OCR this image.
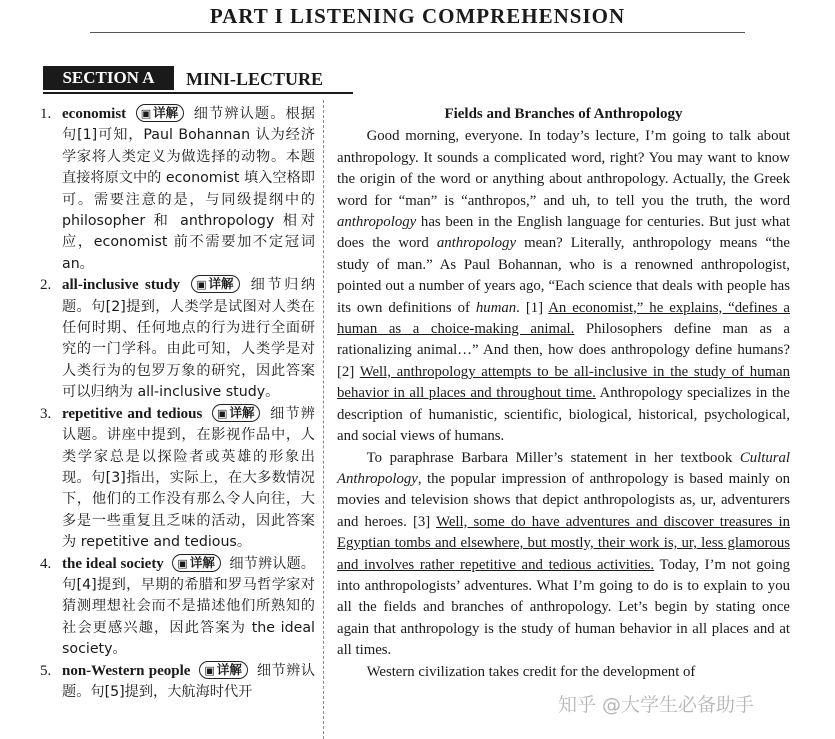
PART I LISTENING COMPREHENSION
SECTION A	MINI-LECTURE
1. economist ▣ 详解 细节辨认题。根据句[1]可知，Paul Bohannan 认为经济学家将人类定义为做选择的动物。本题直接将原文中的 economist 填入空格即可。需要注意的是，与同级提纲中的 philosopher 和 anthropology 相对应，economist 前不需要加不定冠词 an。
2. all-inclusive study ▣ 详解 细节归纳题。句[2]提到，人类学是试图对人类在任何时期、任何地点的行为进行全面研究的一门学科。由此可知，人类学是对人类行为的包罗万象的研究，因此答案可以归纳为 all-inclusive study。
3. repetitive and tedious ▣ 详解 细节辨认题。讲座中提到，在影视作品中，人类学家总是以探险者或英雄的形象出现。句[3]指出，实际上，在大多数情况下，他们的工作没有那么令人向往，大多是一些重复且乏味的活动，因此答案为 repetitive and tedious。
4. the ideal society ▣ 详解 细节辨认题。句[4]提到，早期的希腊和罗马哲学家对猜测理想社会而不是描述他们所熟知的社会更感兴趣，因此答案为 the ideal society。
5. non-Western people ▣ 详解 细节辨认题。句[5]提到，大航海时代开
Fields and Branches of Anthropology

Good morning, everyone. In today’s lecture, I’m going to talk about anthropology. It sounds a complicated word, right? You may want to know the origin of the word or anything about anthropology. Actually, the Greek word for “man” is “anthropos,” and uh, to tell you the truth, the word anthropology has been in the English language for centuries. But just what does the word anthropology mean? Literally, anthropology means “the study of man.” As Paul Bohannan, who is a renowned anthropologist, pointed out a number of years ago, “Each science that deals with people has its own definitions of human. [1] An economist,” he explains, “defines a human as a choice-making animal. Philosophers define man as a rationalizing animal…” And then, how does anthropology define humans? [2] Well, anthropology attempts to be all-inclusive in the study of human behavior in all places and throughout time. Anthropology specializes in the description of humanistic, scientific, biological, historical, psychological, and social views of humans.

To paraphrase Barbara Miller’s statement in her textbook Cultural Anthropology, the popular impression of anthropology is based mainly on movies and television shows that depict anthropologists as, ur, adventurers and heroes. [3] Well, some do have adventures and discover treasures in Egyptian tombs and elsewhere, but mostly, their work is, ur, less glamorous and involves rather repetitive and tedious activities. Today, I’m not going into anthropologists’ adventures. What I’m going to do is to explain to you all the fields and branches of anthropology. Let’s begin by stating once again that anthropology is the study of human behavior in all places and at all times.

Western civilization takes credit for the development of

知乎 @大学生必备助手
